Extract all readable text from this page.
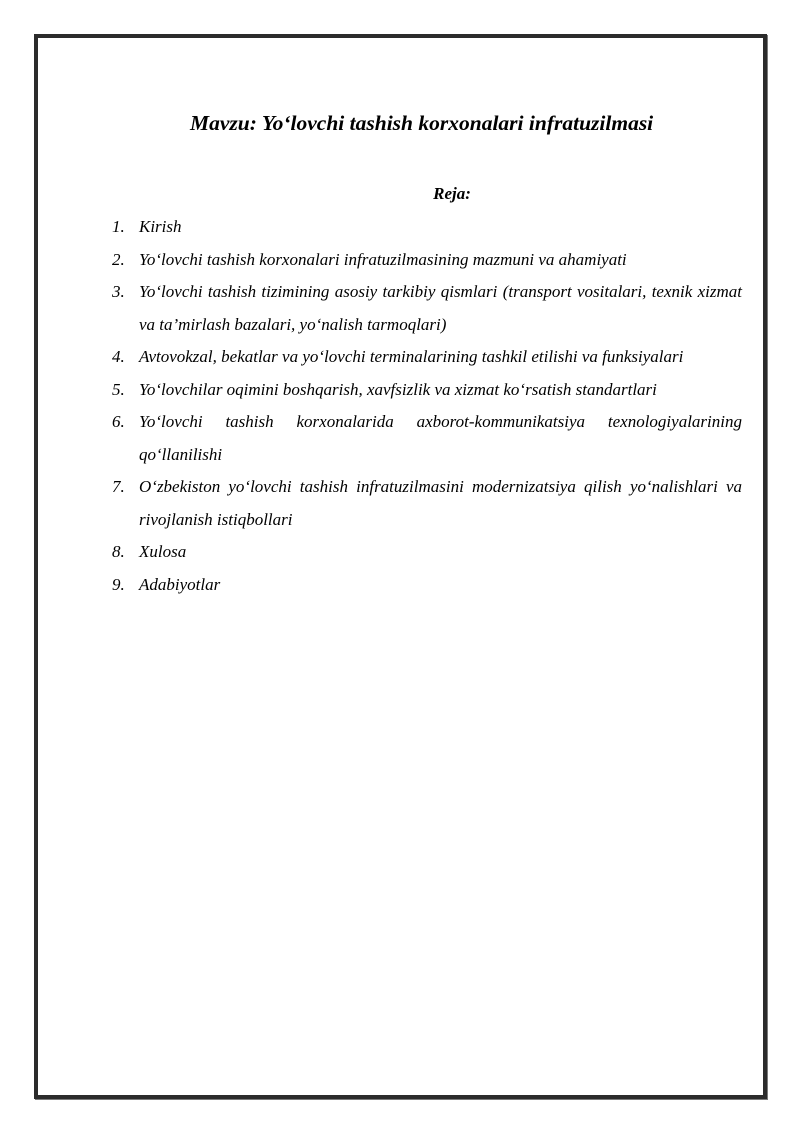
Mavzu: Yo‘lovchi tashish korxonalari infratuzilmasi
Reja:
1. Kirish
2. Yo‘lovchi tashish korxonalari infratuzilmasining mazmuni va ahamiyati
3. Yo‘lovchi tashish tizimining asosiy tarkibiy qismlari (transport vositalari, texnik xizmat va ta’mirlash bazalari, yo‘nalish tarmoqlari)
4. Avtovokzal, bekatlar va yo‘lovchi terminalarining tashkil etilishi va funksiyalari
5. Yo‘lovchilar oqimini boshqarish, xavfsizlik va xizmat ko‘rsatish standartlari
6. Yo‘lovchi tashish korxonalarida axborot-kommunikatsiya texnologiyalarining qo‘llanilishi
7. O‘zbekiston yo‘lovchi tashish infratuzilmasini modernizatsiya qilish yo‘nalishlari va rivojlanish istiqbollari
8. Xulosa
9. Adabiyotlar
